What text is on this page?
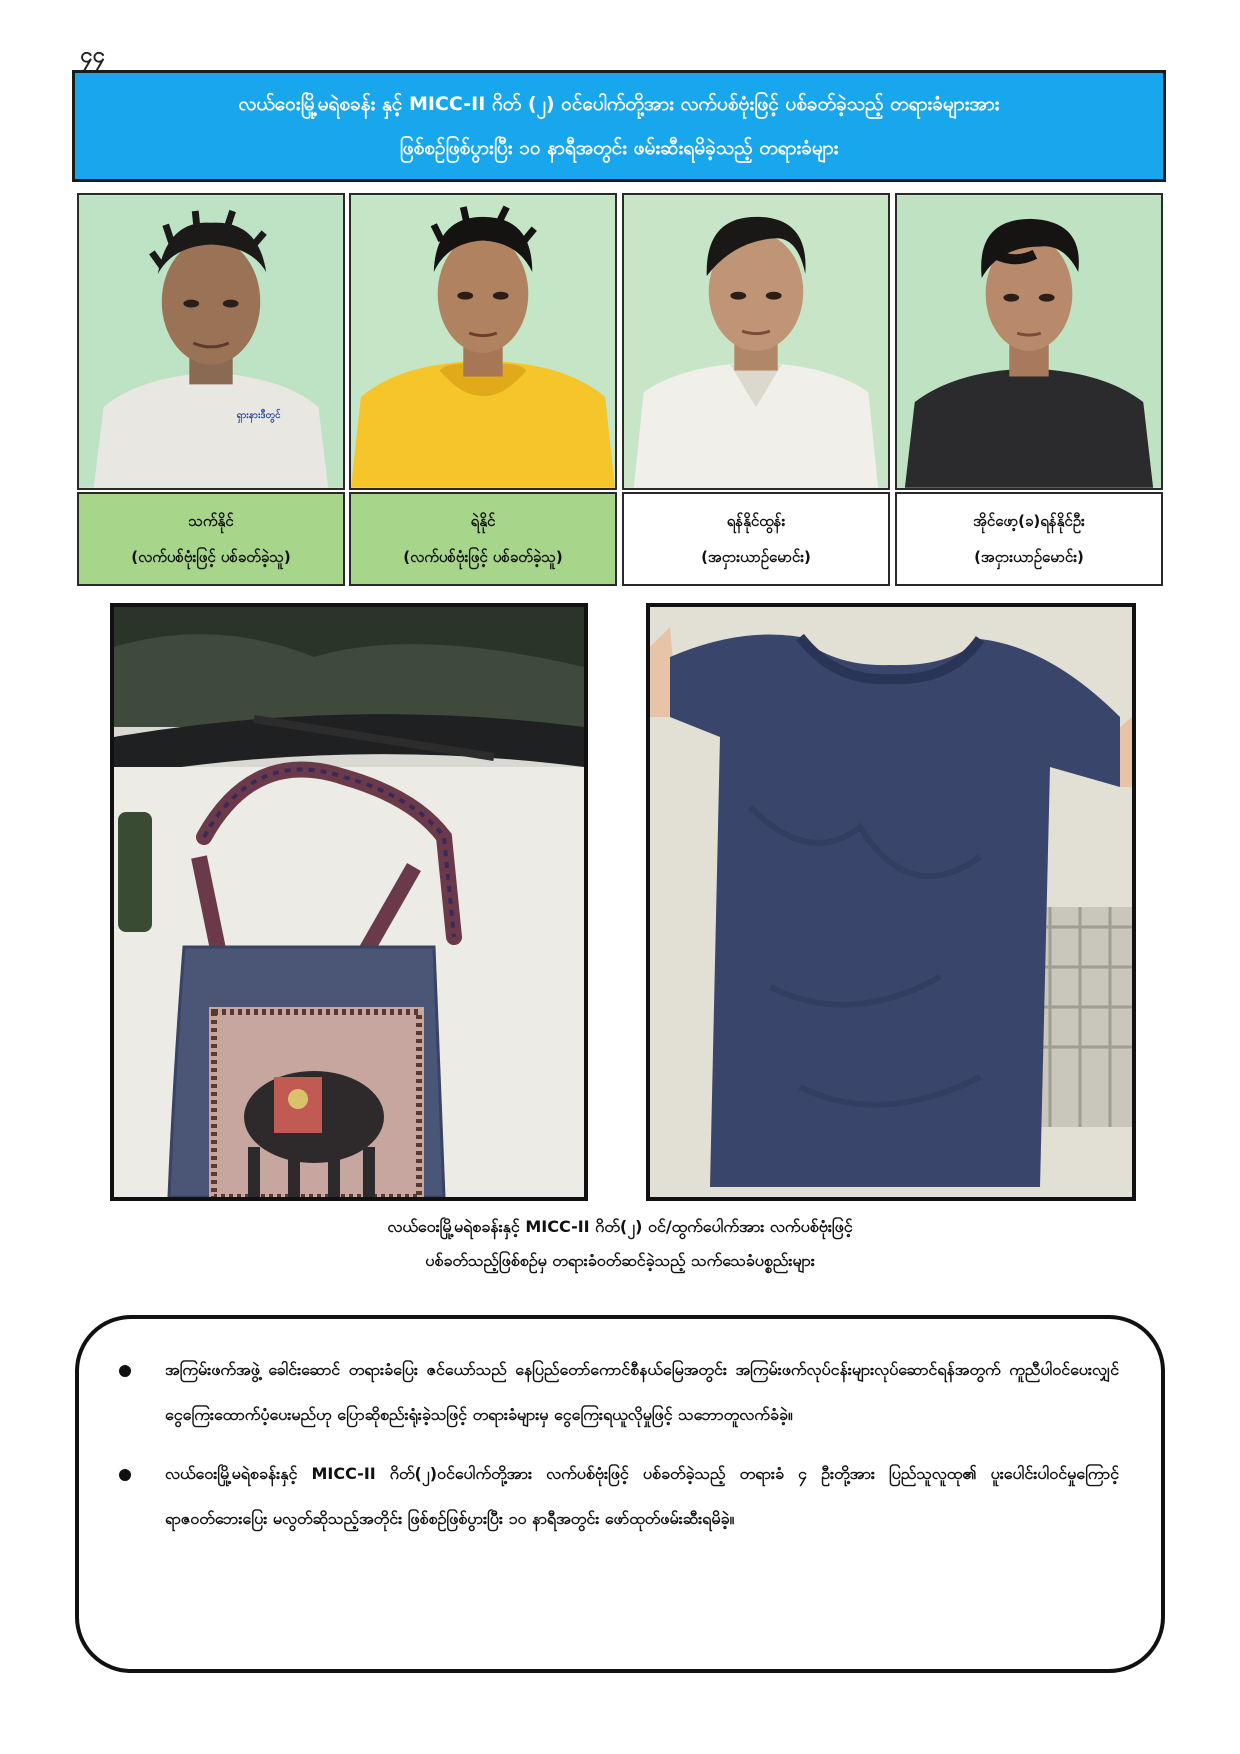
၄၄
လယ်ဝေးမြို့မရဲစခန်း နှင့် MICC-II ဂိတ် (၂) ဝင်ပေါက်တို့အား လက်ပစ်ဗုံးဖြင့် ပစ်ခတ်ခဲ့သည့် တရားခံများအား
ဖြစ်စဉ်ဖြစ်ပွားပြီး ၁၀ နာရီအတွင်း ဖမ်းဆီးရမိခဲ့သည့် တရားခံများ
ရှားနားဒီတွင်
သက်နိုင်
(လက်ပစ်ဗုံးဖြင့် ပစ်ခတ်ခဲ့သူ)
ရဲနိုင်
(လက်ပစ်ဗုံးဖြင့် ပစ်ခတ်ခဲ့သူ)
ရန်နိုင်ထွန်း
(အငှားယာဉ်မောင်း)
အိုင်ဖော့(ခ)ရန်နိုင်ဦး
(အငှားယာဉ်မောင်း)
လယ်ဝေးမြို့မရဲစခန်းနှင့် MICC-II ဂိတ်(၂) ဝင်/ထွက်ပေါက်အား လက်ပစ်ဗုံးဖြင့်
ပစ်ခတ်သည့်ဖြစ်စဉ်မှ တရားခံဝတ်ဆင်ခဲ့သည့် သက်သေခံပစ္စည်းများ
အကြမ်းဖက်အဖွဲ့ ခေါင်းဆောင် တရားခံပြေး ဇင်ယော်သည် နေပြည်တော်ကောင်စီနယ်မြေအတွင်း အကြမ်းဖက်လုပ်ငန်းများလုပ်ဆောင်ရန်အတွက် ကူညီပါဝင်ပေးလျှင် ငွေကြေးထောက်ပံ့ပေးမည်ဟု ပြောဆိုစည်းရုံးခဲ့သဖြင့် တရားခံများမှ ငွေကြေးရယူလိုမှုဖြင့် သဘောတူလက်ခံခဲ့။
လယ်ဝေးမြို့မရဲစခန်းနှင့် MICC-II ဂိတ်(၂)ဝင်ပေါက်တို့အား လက်ပစ်ဗုံးဖြင့် ပစ်ခတ်ခဲ့သည့် တရားခံ ၄ ဦးတို့အား ပြည်သူလူထု၏ ပူးပေါင်းပါဝင်မှုကြောင့် ရာဇဝတ်ဘေးပြေး မလွတ်ဆိုသည့်အတိုင်း ဖြစ်စဉ်ဖြစ်ပွားပြီး ၁၀ နာရီအတွင်း ဖော်ထုတ်ဖမ်းဆီးရမိခဲ့။
